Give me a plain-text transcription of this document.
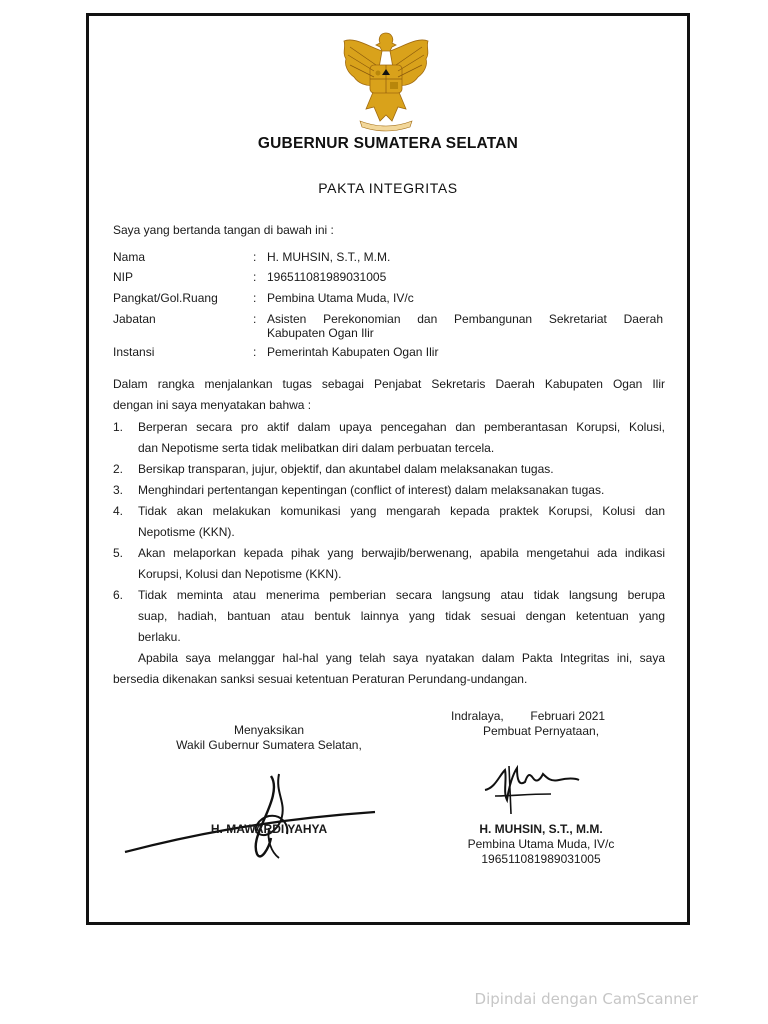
GUBERNUR SUMATERA SELATAN
PAKTA INTEGRITAS
Saya yang bertanda tangan di bawah ini :
Nama	: H. MUHSIN, S.T., M.M.
NIP	: 196511081989031005
Pangkat/Gol.Ruang	: Pembina Utama Muda, IV/c
Jabatan	: Asisten Perekonomian dan Pembangunan Sekretariat Daerah
Kabupaten Ogan Ilir
Instansi	: Pemerintah Kabupaten Ogan Ilir
Dalam rangka menjalankan tugas sebagai Penjabat Sekretaris Daerah Kabupaten Ogan Ilir
dengan ini saya menyatakan bahwa :
1. Berperan secara pro aktif dalam upaya pencegahan dan pemberantasan Korupsi, Kolusi,
dan Nepotisme serta tidak melibatkan diri dalam perbuatan tercela.
2. Bersikap transparan, jujur, objektif, dan akuntabel dalam melaksanakan tugas.
3. Menghindari pertentangan kepentingan (conflict of interest) dalam melaksanakan tugas.
4. Tidak akan melakukan komunikasi yang mengarah kepada praktek Korupsi, Kolusi dan
Nepotisme (KKN).
5. Akan melaporkan kepada pihak yang berwajib/berwenang, apabila mengetahui ada indikasi
Korupsi, Kolusi dan Nepotisme (KKN).
6. Tidak meminta atau menerima pemberian secara langsung atau tidak langsung berupa
suap, hadiah, bantuan atau bentuk lainnya yang tidak sesuai dengan ketentuan yang
berlaku.
Apabila saya melanggar hal-hal yang telah saya nyatakan dalam Pakta Integritas ini, saya
bersedia dikenakan sanksi sesuai ketentuan Peraturan Perundang-undangan.
Indralaya,        Februari 2021
Pembuat Pernyataan,
Menyaksikan
Wakil Gubernur Sumatera Selatan,
H. MAWARDI YAHYA	H. MUHSIN, S.T., M.M.
Pembina Utama Muda, IV/c
196511081989031005
Dipindai dengan CamScanner
